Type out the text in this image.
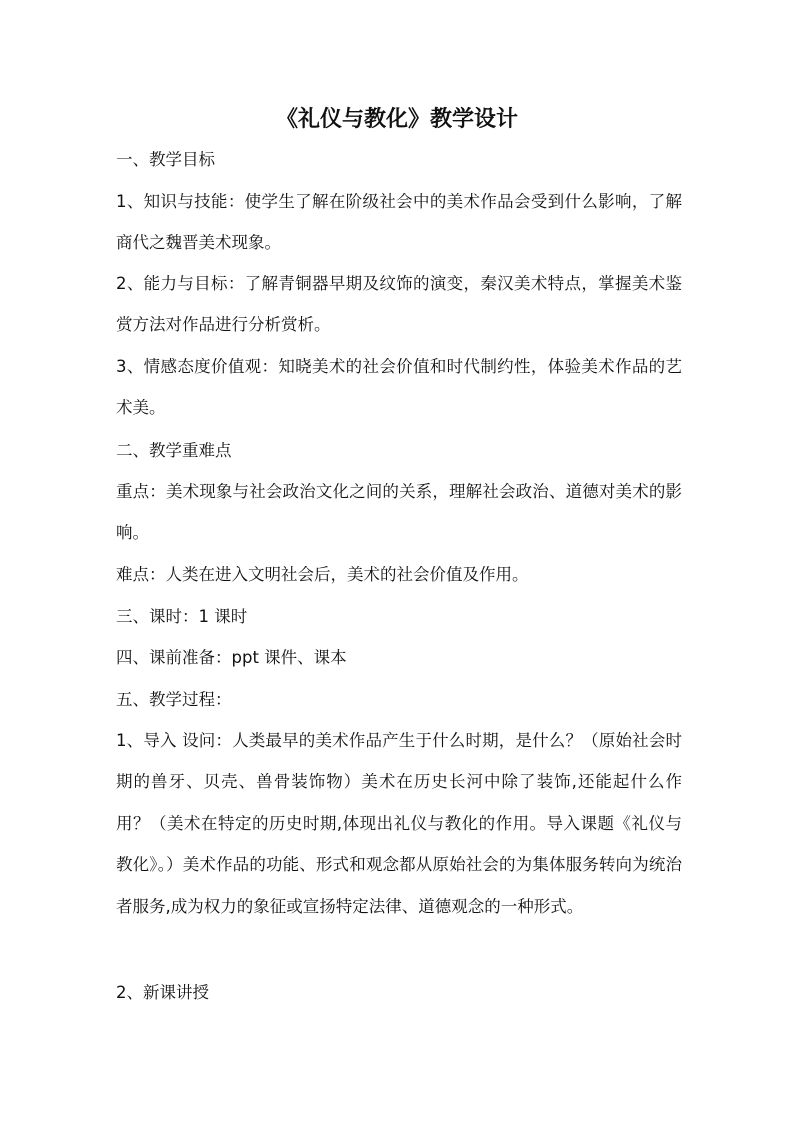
《礼仪与教化》教学设计
一、教学目标
1、知识与技能：使学生了解在阶级社会中的美术作品会受到什么影响，了解商代之魏晋美术现象。
2、能力与目标：了解青铜器早期及纹饰的演变，秦汉美术特点，掌握美术鉴赏方法对作品进行分析赏析。
3、情感态度价值观：知晓美术的社会价值和时代制约性，体验美术作品的艺术美。
二、教学重难点
重点：美术现象与社会政治文化之间的关系，理解社会政治、道德对美术的影响。
难点：人类在进入文明社会后，美术的社会价值及作用。
三、课时：1 课时
四、课前准备：ppt 课件、课本
五、教学过程：
1、导入 设问：人类最早的美术作品产生于什么时期，是什么？（原始社会时期的兽牙、贝壳、兽骨装饰物）美术在历史长河中除了装饰,还能起什么作用？（美术在特定的历史时期,体现出礼仪与教化的作用。导入课题《礼仪与教化》。）美术作品的功能、形式和观念都从原始社会的为集体服务转向为统治者服务,成为权力的象征或宣扬特定法律、道德观念的一种形式。
2、新课讲授
